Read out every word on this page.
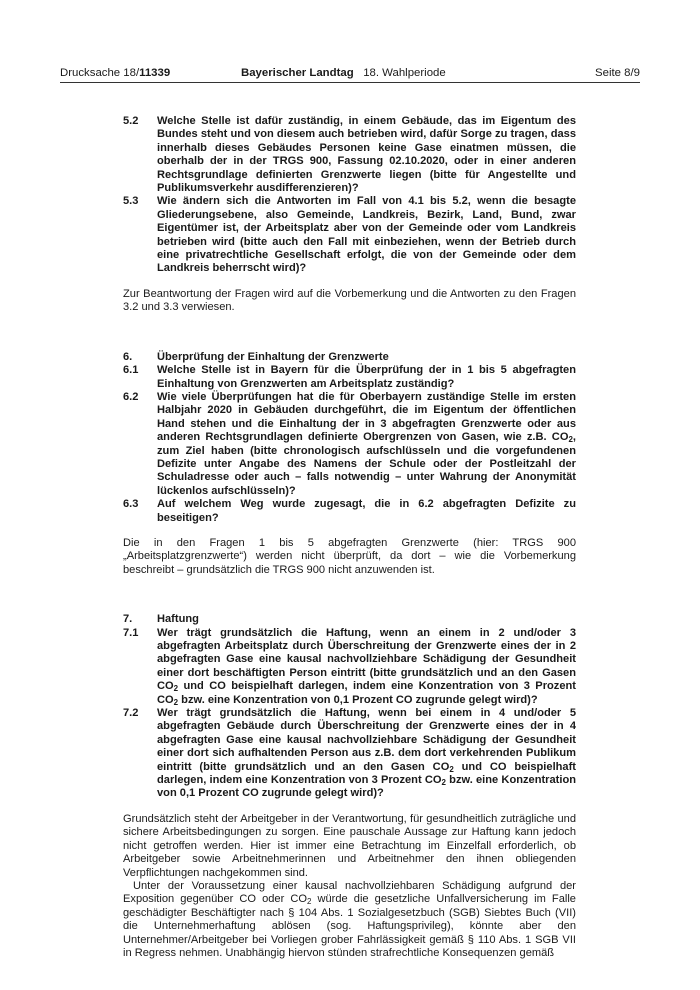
Drucksache 18/11339	Bayerischer Landtag 18. Wahlperiode	Seite 8/9
5.2 Welche Stelle ist dafür zuständig, in einem Gebäude, das im Eigentum des Bundes steht und von diesem auch betrieben wird, dafür Sorge zu tragen, dass innerhalb dieses Gebäudes Personen keine Gase einatmen müssen, die oberhalb der in der TRGS 900, Fassung 02.10.2020, oder in einer anderen Rechtsgrundlage definierten Grenzwerte liegen (bitte für Angestellte und Publikumsverkehr ausdifferenzieren)?
5.3 Wie ändern sich die Antworten im Fall von 4.1 bis 5.2, wenn die besagte Gliederungsebene, also Gemeinde, Landkreis, Bezirk, Land, Bund, zwar Eigentümer ist, der Arbeitsplatz aber von der Gemeinde oder vom Landkreis betrieben wird (bitte auch den Fall mit einbeziehen, wenn der Betrieb durch eine privatrechtliche Gesellschaft erfolgt, die von der Gemeinde oder dem Landkreis beherrscht wird)?
Zur Beantwortung der Fragen wird auf die Vorbemerkung und die Antworten zu den Fragen 3.2 und 3.3 verwiesen.
6. Überprüfung der Einhaltung der Grenzwerte
6.1 Welche Stelle ist in Bayern für die Überprüfung der in 1 bis 5 abgefragten Einhaltung von Grenzwerten am Arbeitsplatz zuständig?
6.2 Wie viele Überprüfungen hat die für Oberbayern zuständige Stelle im ersten Halbjahr 2020 in Gebäuden durchgeführt, die im Eigentum der öffentlichen Hand stehen und die Einhaltung der in 3 abgefragten Grenzwerte oder aus anderen Rechtsgrundlagen definierte Obergrenzen von Gasen, wie z.B. $CO_2$, zum Ziel haben (bitte chronologisch aufschlüsseln und die vorgefundenen Defizite unter Angabe des Namens der Schule oder der Postleitzahl der Schuladresse oder auch – falls notwendig – unter Wahrung der Anonymität lückenlos aufschlüsseln)?
6.3 Auf welchem Weg wurde zugesagt, die in 6.2 abgefragten Defizite zu beseitigen?
Die in den Fragen 1 bis 5 abgefragten Grenzwerte (hier: TRGS 900 „Arbeitsplatzgrenzwerte“) werden nicht überprüft, da dort – wie die Vorbemerkung beschreibt – grundsätzlich die TRGS 900 nicht anzuwenden ist.
7. Haftung
7.1 Wer trägt grundsätzlich die Haftung, wenn an einem in 2 und/oder 3 abgefragten Arbeitsplatz durch Überschreitung der Grenzwerte eines der in 2 abgefragten Gase eine kausal nachvollziehbare Schädigung der Gesundheit einer dort beschäftigten Person eintritt (bitte grundsätzlich und an den Gasen $CO_2$ und CO beispielhaft darlegen, indem eine Konzentration von 3 Prozent $CO_2$ bzw. eine Konzentration von 0,1 Prozent CO zugrunde gelegt wird)?
7.2 Wer trägt grundsätzlich die Haftung, wenn bei einem in 4 und/oder 5 abgefragten Gebäude durch Überschreitung der Grenzwerte eines der in 4 abgefragten Gase eine kausal nachvollziehbare Schädigung der Gesundheit einer dort sich aufhaltenden Person aus z.B. dem dort verkehrenden Publikum eintritt (bitte grundsätzlich und an den Gasen $CO_2$ und CO beispielhaft darlegen, indem eine Konzentration von 3 Prozent $CO_2$ bzw. eine Konzentration von 0,1 Prozent CO zugrunde gelegt wird)?
Grundsätzlich steht der Arbeitgeber in der Verantwortung, für gesundheitlich zuträgliche und sichere Arbeitsbedingungen zu sorgen. Eine pauschale Aussage zur Haftung kann jedoch nicht getroffen werden. Hier ist immer eine Betrachtung im Einzelfall erforderlich, ob Arbeitgeber sowie Arbeitnehmerinnen und Arbeitnehmer den ihnen obliegenden Verpflichtungen nachgekommen sind.
Unter der Voraussetzung einer kausal nachvollziehbaren Schädigung aufgrund der Exposition gegenüber CO oder $CO_2$ würde die gesetzliche Unfallversicherung im Falle geschädigter Beschäftigter nach § 104 Abs. 1 Sozialgesetzbuch (SGB) Siebtes Buch (VII) die Unternehmerhaftung ablösen (sog. Haftungsprivileg), könnte aber den Unternehmer/Arbeitgeber bei Vorliegen grober Fahrlässigkeit gemäß § 110 Abs. 1 SGB VII in Regress nehmen. Unabhängig hiervon stünden strafrechtliche Konsequenzen gemäß
